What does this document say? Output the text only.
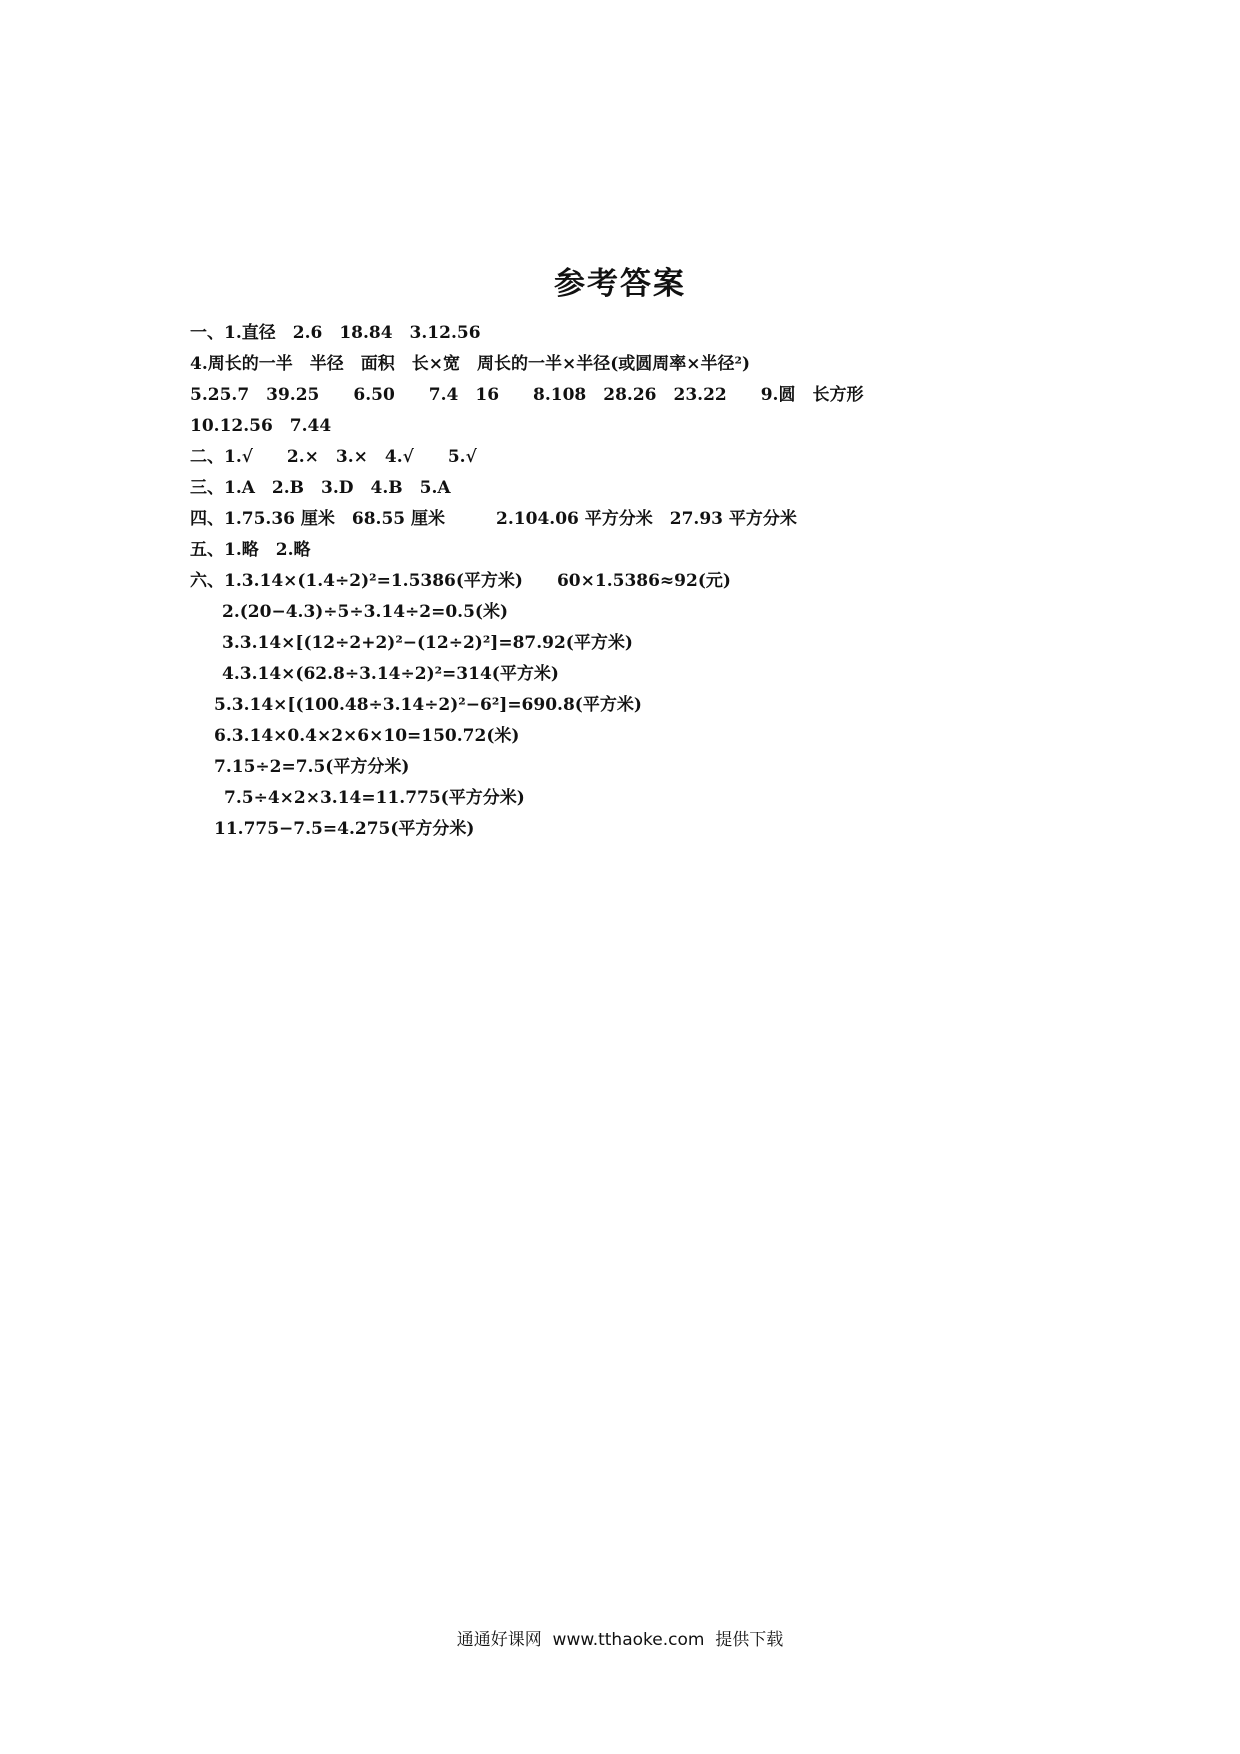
参考答案
一、1.直径　2.6　18.84　3.12.56
4.周长的一半　半径　面积　长×宽　周长的一半×半径(或圆周率×半径²)
5.25.7　39.25　　6.50　　7.4　16　　8.108　28.26　23.22　　9.圆　长方形
10.12.56　7.44
二、1.√　　2.×　3.×　4.√　　5.√
三、1.A　2.B　3.D　4.B　5.A
四、1.75.36 厘米　68.55 厘米　　　2.104.06 平方分米　27.93 平方分米
五、1.略　2.略
六、1.3.14×(1.4÷2)²=1.5386(平方米)　　60×1.5386≈92(元)
2.(20−4.3)÷5÷3.14÷2=0.5(米)
3.3.14×[(12÷2+2)²−(12÷2)²]=87.92(平方米)
4.3.14×(62.8÷3.14÷2)²=314(平方米)
5.3.14×[(100.48÷3.14÷2)²−6²]=690.8(平方米)
6.3.14×0.4×2×6×10=150.72(米)
7.15÷2=7.5(平方分米)
7.5÷4×2×3.14=11.775(平方分米)
11.775−7.5=4.275(平方分米)
通通好课网  www.tthaoke.com  提供下载
